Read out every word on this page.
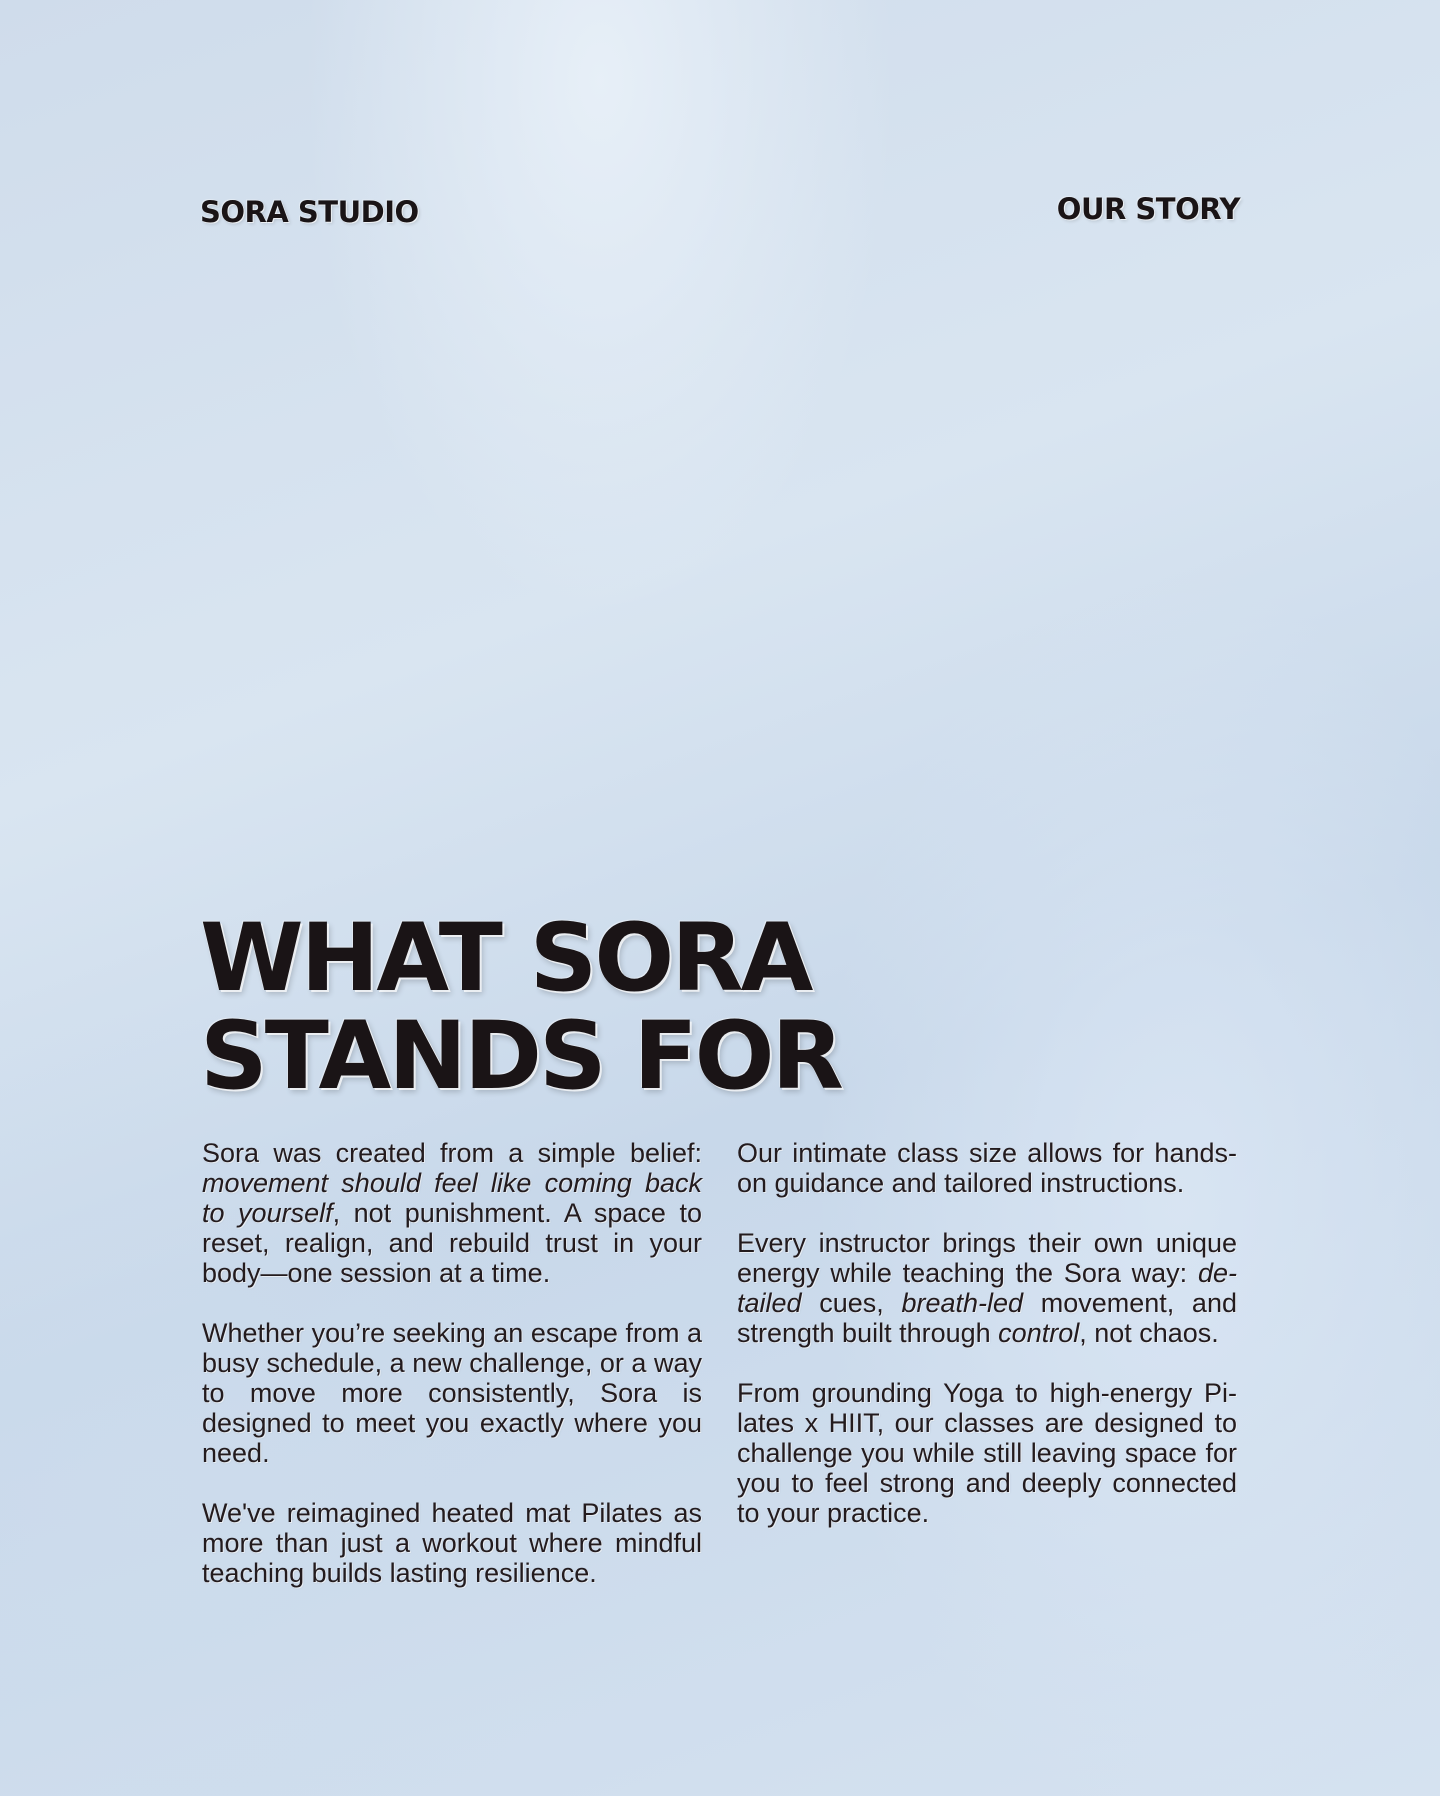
SORA STUDIO	OUR STORY
WHAT SORA
STANDS FOR

Sora was created from a simple belief: movement should feel like coming back to yourself, not punishment. A space to reset, realign, and rebuild trust in your body—one session at a time.

Whether you’re seeking an escape from a busy schedule, a new challenge, or a way to move more consistently, Sora is designed to meet you exactly where you need.

We've reimagined heated mat Pilates as more than just a workout where mindful teaching builds lasting resilience.

Our intimate class size allows for hands-on guidance and tailored instructions.

Every instructor brings their own unique energy while teaching the Sora way: detailed cues, breath-led movement, and strength built through control, not chaos.

From grounding Yoga to high-energy Pilates x HIIT, our classes are designed to challenge you while still leaving space for you to feel strong and deeply connected to your practice.
